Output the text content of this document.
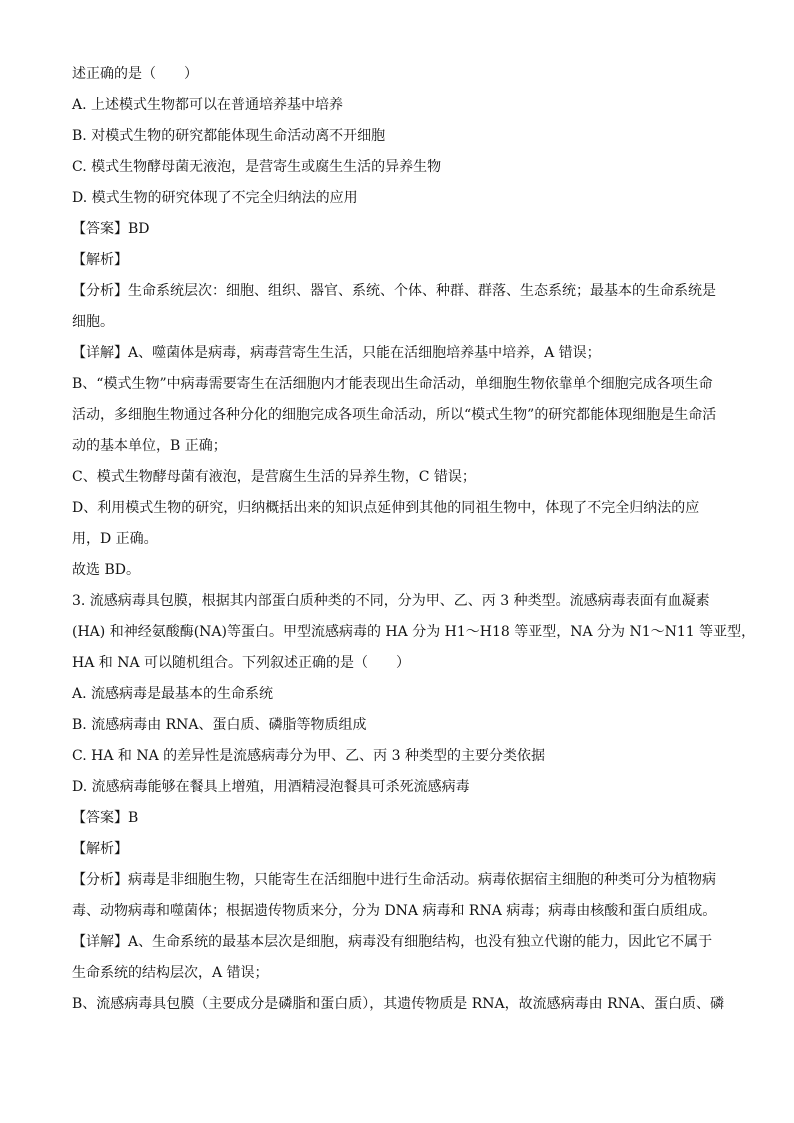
述正确的是（　　）
A. 上述模式生物都可以在普通培养基中培养
B. 对模式生物的研究都能体现生命活动离不开细胞
C. 模式生物酵母菌无液泡，是营寄生或腐生生活的异养生物
D. 模式生物的研究体现了不完全归纳法的应用
【答案】BD
【解析】
【分析】生命系统层次：细胞、组织、器官、系统、个体、种群、群落、生态系统；最基本的生命系统是
细胞。
【详解】A、噬菌体是病毒，病毒营寄生生活，只能在活细胞培养基中培养，A 错误；
B、“模式生物”中病毒需要寄生在活细胞内才能表现出生命活动，单细胞生物依靠单个细胞完成各项生命
活动，多细胞生物通过各种分化的细胞完成各项生命活动，所以“模式生物”的研究都能体现细胞是生命活
动的基本单位，B 正确；
C、模式生物酵母菌有液泡，是营腐生生活的异养生物，C 错误；
D、利用模式生物的研究，归纳概括出来的知识点延伸到其他的同祖生物中，体现了不完全归纳法的应
用，D 正确。
故选 BD。
3. 流感病毒具包膜，根据其内部蛋白质种类的不同，分为甲、乙、丙 3 种类型。流感病毒表面有血凝素
(HA) 和神经氨酸酶(NA)等蛋白。甲型流感病毒的 HA 分为 H1～H18 等亚型，NA 分为 N1～N11 等亚型，
HA 和 NA 可以随机组合。下列叙述正确的是（　　）
A. 流感病毒是最基本的生命系统
B. 流感病毒由 RNA、蛋白质、磷脂等物质组成
C. HA 和 NA 的差异性是流感病毒分为甲、乙、丙 3 种类型的主要分类依据
D. 流感病毒能够在餐具上增殖，用酒精浸泡餐具可杀死流感病毒
【答案】B
【解析】
【分析】病毒是非细胞生物，只能寄生在活细胞中进行生命活动。病毒依据宿主细胞的种类可分为植物病
毒、动物病毒和噬菌体；根据遗传物质来分，分为 DNA 病毒和 RNA 病毒；病毒由核酸和蛋白质组成。
【详解】A、生命系统的最基本层次是细胞，病毒没有细胞结构，也没有独立代谢的能力，因此它不属于
生命系统的结构层次，A 错误；
B、流感病毒具包膜（主要成分是磷脂和蛋白质），其遗传物质是 RNA，故流感病毒由 RNA、蛋白质、磷
